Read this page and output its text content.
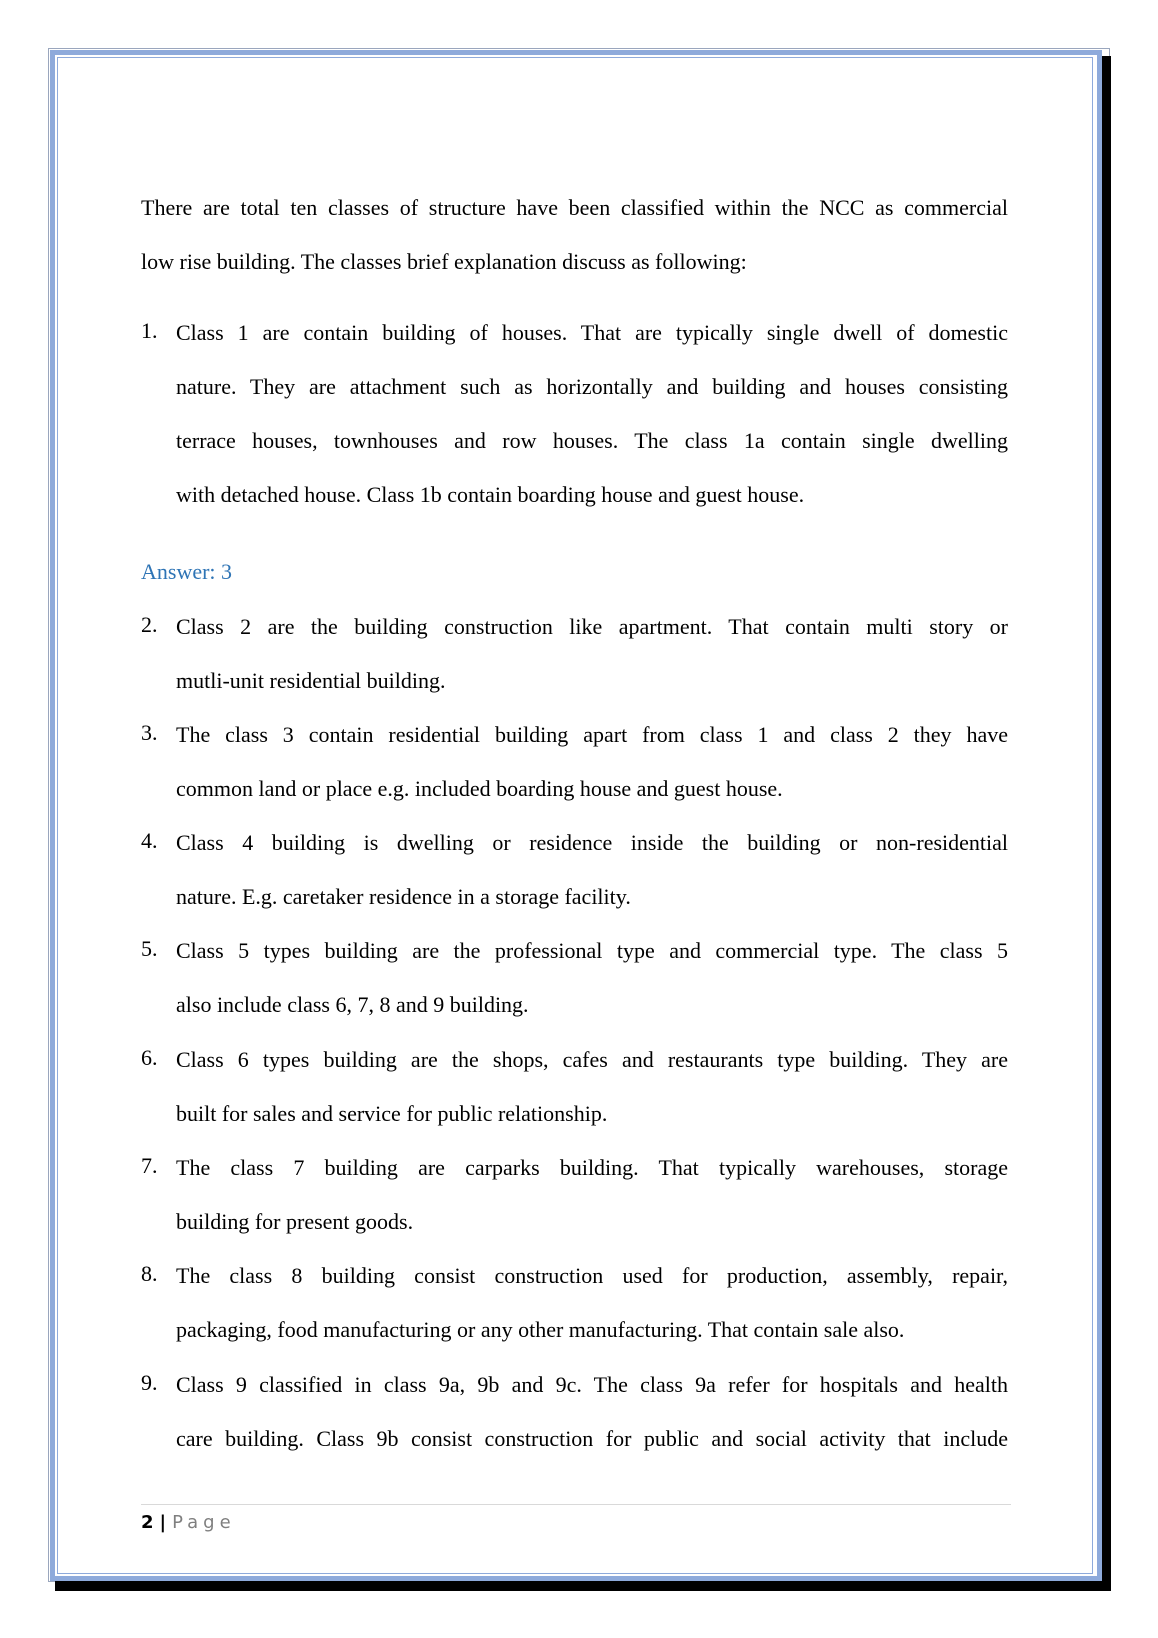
There are total ten classes of structure have been classified within the NCC as commercial
low rise building. The classes brief explanation discuss as following:
1. Class 1 are contain building of houses. That are typically single dwell of domestic
nature. They are attachment such as horizontally and building and houses consisting
terrace houses, townhouses and row houses. The class 1a contain single dwelling
with detached house. Class 1b contain boarding house and guest house.
Answer: 3
2. Class 2 are the building construction like apartment. That contain multi story or
mutli-unit residential building.
3. The class 3 contain residential building apart from class 1 and class 2 they have
common land or place e.g. included boarding house and guest house.
4. Class 4 building is dwelling or residence inside the building or non-residential
nature. E.g. caretaker residence in a storage facility.
5. Class 5 types building are the professional type and commercial type. The class 5
also include class 6, 7, 8 and 9 building.
6. Class 6 types building are the shops, cafes and restaurants type building. They are
built for sales and service for public relationship.
7. The class 7 building are carparks building. That typically warehouses, storage
building for present goods.
8. The class 8 building consist construction used for production, assembly, repair,
packaging, food manufacturing or any other manufacturing. That contain sale also.
9. Class 9 classified in class 9a, 9b and 9c. The class 9a refer for hospitals and health
care building. Class 9b consist construction for public and social activity that include
2 | Page
